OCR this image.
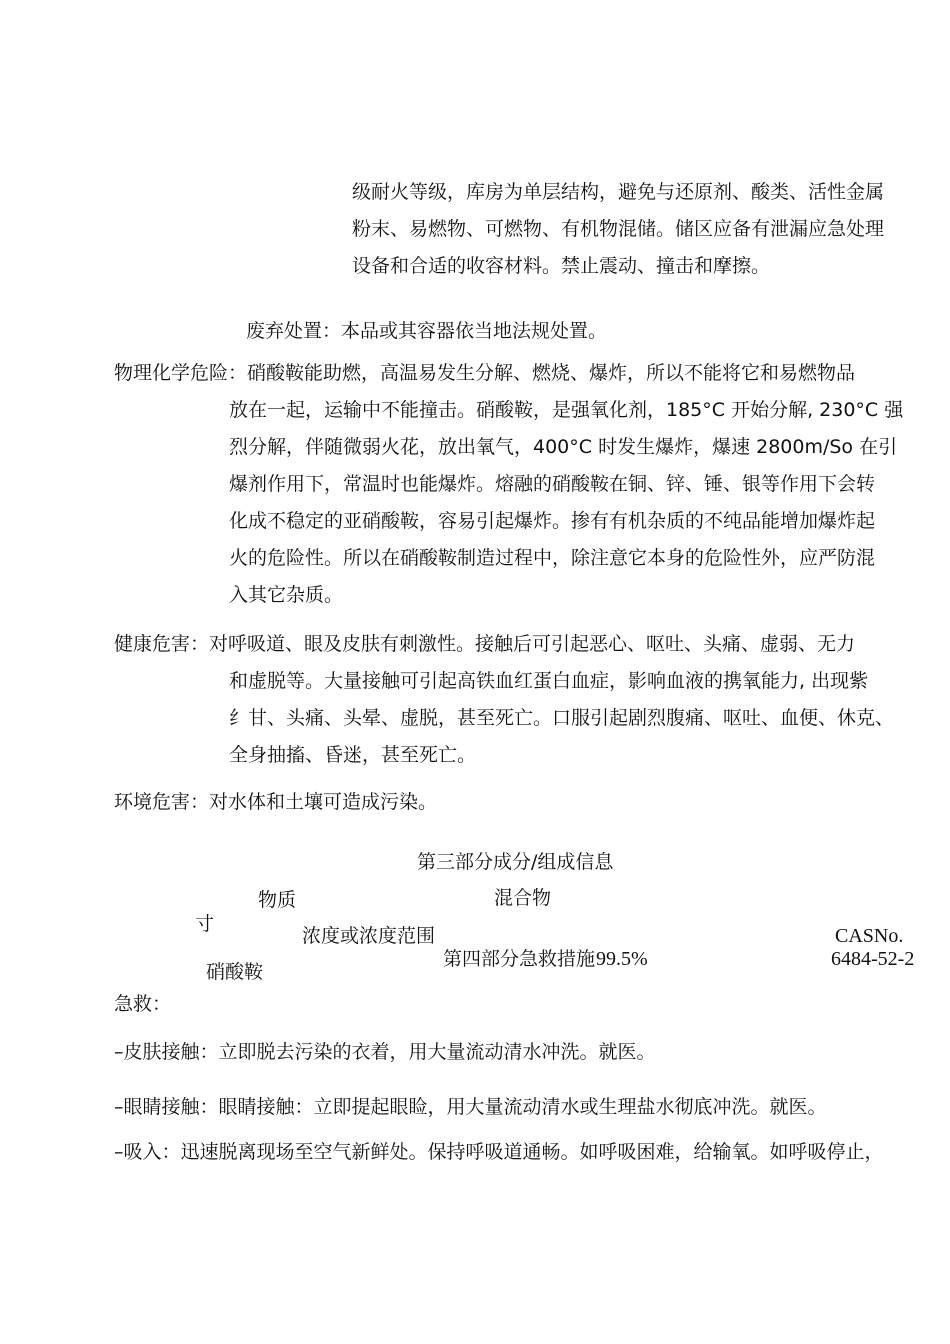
级耐火等级，库房为单层结构，避免与还原剂、酸类、活性金属
粉末、易燃物、可燃物、有机物混储。储区应备有泄漏应急处理
设备和合适的收容材料。禁止震动、撞击和摩擦。
废弃处置：本品或其容器依当地法规处置。
物理化学危险：硝酸鞍能助燃，高温易发生分解、燃烧、爆炸，所以不能将它和易燃物品
放在一起，运输中不能撞击。硝酸鞍，是强氧化剂，185°C 开始分解, 230°C 强
烈分解，伴随微弱火花，放出氧气，400°C 时发生爆炸，爆速 2800m/So 在引
爆剂作用下，常温时也能爆炸。熔融的硝酸鞍在铜、锌、锤、银等作用下会转
化成不稳定的亚硝酸鞍，容易引起爆炸。掺有有机杂质的不纯品能增加爆炸起
火的危险性。所以在硝酸鞍制造过程中，除注意它本身的危险性外，应严防混
入其它杂质。
健康危害：对呼吸道、眼及皮肤有刺激性。接触后可引起恶心、呕吐、头痛、虚弱、无力
和虚脱等。大量接触可引起高铁血红蛋白血症，影响血液的携氧能力, 出现紫
纟甘、头痛、头晕、虚脱，甚至死亡。口服引起剧烈腹痛、呕吐、血便、休克、
全身抽搐、昏迷，甚至死亡。
环境危害：对水体和土壤可造成污染。
第三部分成分/组成信息
物质	混合物
寸
浓度或浓度范围	CASNo.
第四部分急救措施 99.5%
硝酸鞍
6484-52-2
急救：
–皮肤接触：立即脱去污染的衣着，用大量流动清水冲洗。就医。
–眼睛接触：眼睛接触：立即提起眼睑，用大量流动清水或生理盐水彻底冲洗。就医。
–吸入：迅速脱离现场至空气新鲜处。保持呼吸道通畅。如呼吸困难，给输氧。如呼吸停止，
